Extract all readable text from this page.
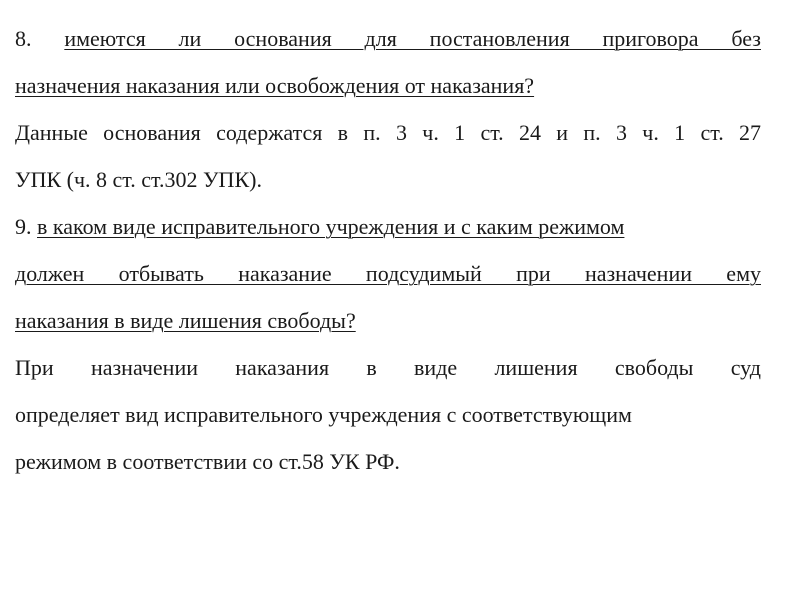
8. имеются ли основания для постановления приговора без
назначения наказания или освобождения от наказания?
Данные основания содержатся в п. 3 ч. 1 ст. 24 и п. 3 ч. 1 ст. 27
УПК (ч. 8 ст. ст.302 УПК).
9. в каком виде исправительного учреждения и с каким режимом
должен отбывать наказание подсудимый при назначении ему
наказания в виде лишения свободы?
При назначении наказания в виде лишения свободы суд
определяет вид исправительного учреждения с соответствующим
режимом в соответствии со ст.58 УК РФ.
